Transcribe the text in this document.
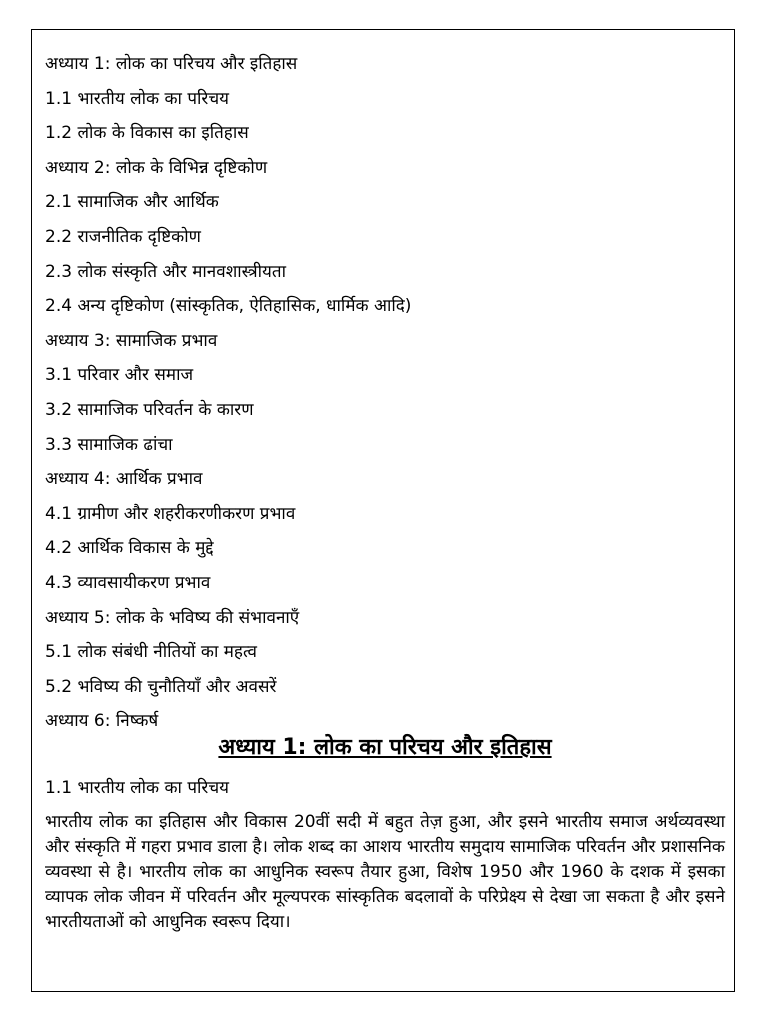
अध्याय 1: लोक का परिचय और इतिहास
1.1 भारतीय लोक का परिचय
1.2 लोक के विकास का इतिहास
अध्याय 2: लोक के विभिन्न दृष्टिकोण
2.1 सामाजिक और आर्थिक
2.2 राजनीतिक दृष्टिकोण
2.3 लोक संस्कृति और मानवशास्त्रीयता
2.4 अन्य दृष्टिकोण (सांस्कृतिक, ऐतिहासिक, धार्मिक आदि)
अध्याय 3: सामाजिक प्रभाव
3.1 परिवार और समाज
3.2 सामाजिक परिवर्तन के कारण
3.3 सामाजिक ढांचा
अध्याय 4: आर्थिक प्रभाव
4.1 ग्रामीण और शहरीकरणीकरण प्रभाव
4.2 आर्थिक विकास के मुद्दे
4.3 व्यावसायीकरण प्रभाव
अध्याय 5: लोक के भविष्य की संभावनाएँ
5.1 लोक संबंधी नीतियों का महत्व
5.2 भविष्य की चुनौतियाँ और अवसरें
अध्याय 6: निष्कर्ष
अध्याय 1: लोक का परिचय और इतिहास
1.1 भारतीय लोक का परिचय
भारतीय लोक का इतिहास और विकास 20वीं सदी में बहुत तेज़ हुआ, और इसने भारतीय समाज अर्थव्यवस्था और संस्कृति में गहरा प्रभाव डाला है। लोक शब्द का आशय भारतीय समुदाय सामाजिक परिवर्तन और प्रशासनिक व्यवस्था से है। भारतीय लोक का आधुनिक स्वरूप तैयार हुआ, विशेष 1950 और 1960 के दशक में इसका व्यापक लोक जीवन में परिवर्तन और मूल्यपरक सांस्कृतिक बदलावों के परिप्रेक्ष्य से देखा जा सकता है और इसने भारतीयताओं को आधुनिक स्वरूप दिया।
